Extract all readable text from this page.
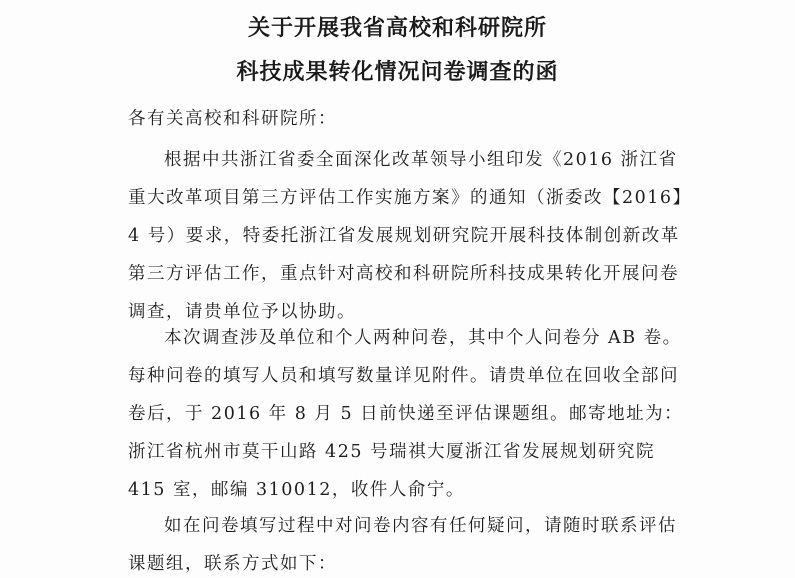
关于开展我省高校和科研院所
科技成果转化情况问卷调查的函
各有关高校和科研院所：
根据中共浙江省委全面深化改革领导小组印发《2016 浙江省重大改革项目第三方评估工作实施方案》的通知（浙委改【2016】4 号）要求，特委托浙江省发展规划研究院开展科技体制创新改革第三方评估工作，重点针对高校和科研院所科技成果转化开展问卷调查，请贵单位予以协助。
本次调查涉及单位和个人两种问卷，其中个人问卷分 AB 卷。每种问卷的填写人员和填写数量详见附件。请贵单位在回收全部问卷后，于 2016 年 8 月 5 日前快递至评估课题组。邮寄地址为：浙江省杭州市莫干山路 425 号瑞祺大厦浙江省发展规划研究院 415 室，邮编 310012，收件人俞宁。
如在问卷填写过程中对问卷内容有任何疑问，请随时联系评估课题组，联系方式如下：
